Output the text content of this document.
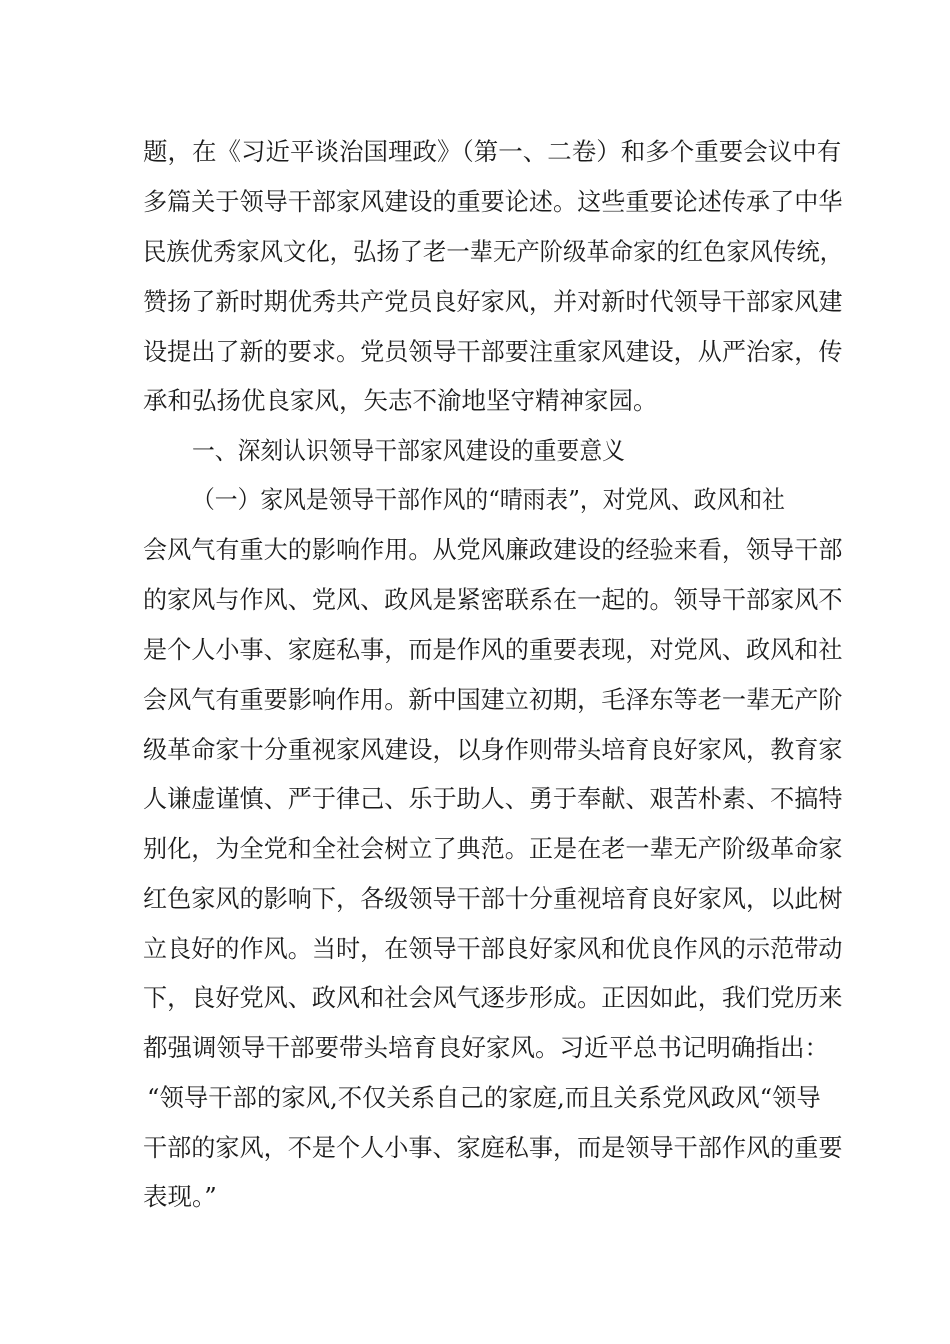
题，在《习近平谈治国理政》（第一、二卷）和多个重要会议中有

多篇关于领导干部家风建设的重要论述。这些重要论述传承了中华

民族优秀家风文化，弘扬了老一辈无产阶级革命家的红色家风传统，

赞扬了新时期优秀共产党员良好家风，并对新时代领导干部家风建

设提出了新的要求。党员领导干部要注重家风建设，从严治家，传

承和弘扬优良家风，矢志不渝地坚守精神家园。

一、深刻认识领导干部家风建设的重要意义

（一）家风是领导干部作风的“晴雨表”，对党风、政风和社

会风气有重大的影响作用。从党风廉政建设的经验来看，领导干部

的家风与作风、党风、政风是紧密联系在一起的。领导干部家风不

是个人小事、家庭私事，而是作风的重要表现，对党风、政风和社

会风气有重要影响作用。新中国建立初期，毛泽东等老一辈无产阶

级革命家十分重视家风建设，以身作则带头培育良好家风，教育家

人谦虚谨慎、严于律己、乐于助人、勇于奉献、艰苦朴素、不搞特

别化，为全党和全社会树立了典范。正是在老一辈无产阶级革命家

红色家风的影响下，各级领导干部十分重视培育良好家风，以此树

立良好的作风。当时，在领导干部良好家风和优良作风的示范带动

下，良好党风、政风和社会风气逐步形成。正因如此，我们党历来

都强调领导干部要带头培育良好家风。习近平总书记明确指出：

“领导干部的家风,不仅关系自己的家庭,而且关系党风政风“领导

干部的家风，不是个人小事、家庭私事，而是领导干部作风的重要

表现。”
